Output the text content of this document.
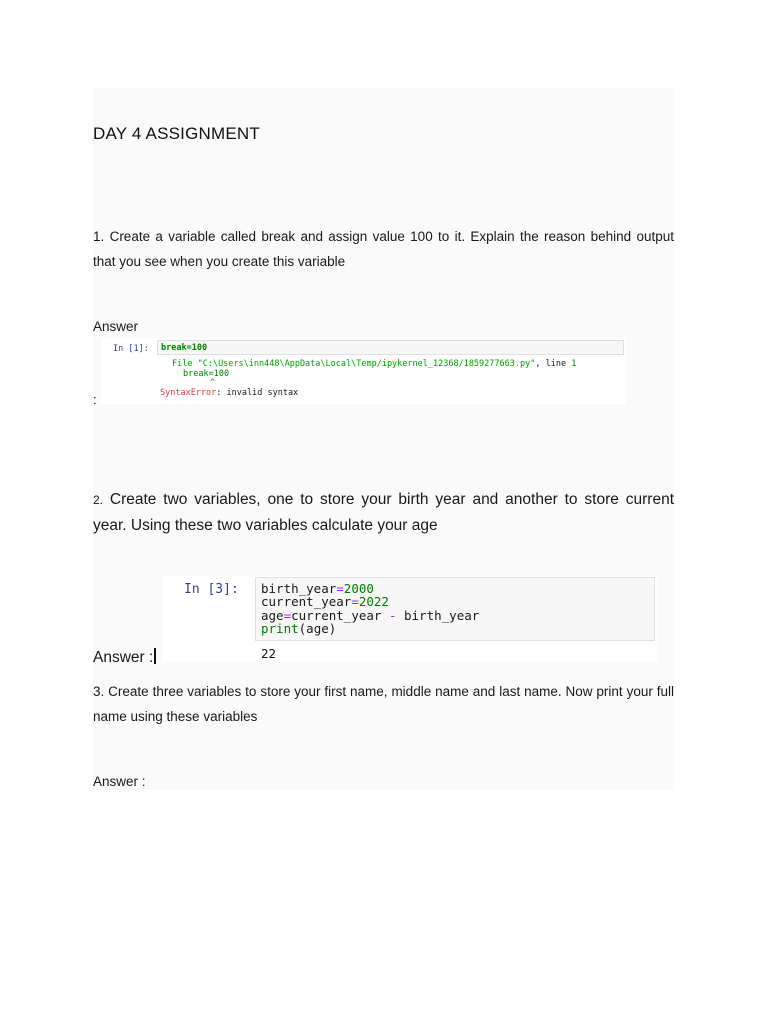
DAY 4 ASSIGNMENT
1. Create a variable called break and assign value 100 to it. Explain the reason behind output that you see when you create this variable
Answer
In [1]:	break=100
File "C:\Users\inn448\AppData\Local\Temp/ipykernel_12368/1859277663.py", line 1
break=100
^
SyntaxError: invalid syntax
:
2. Create two variables, one to store your birth year and another to store current year. Using these two variables calculate your age
In [3]: birth_year=2000
current_year=2022
age=current_year - birth_year
print(age)
22
Answer :
3. Create three variables to store your first name, middle name and last name. Now print your full name using these variables
Answer :
